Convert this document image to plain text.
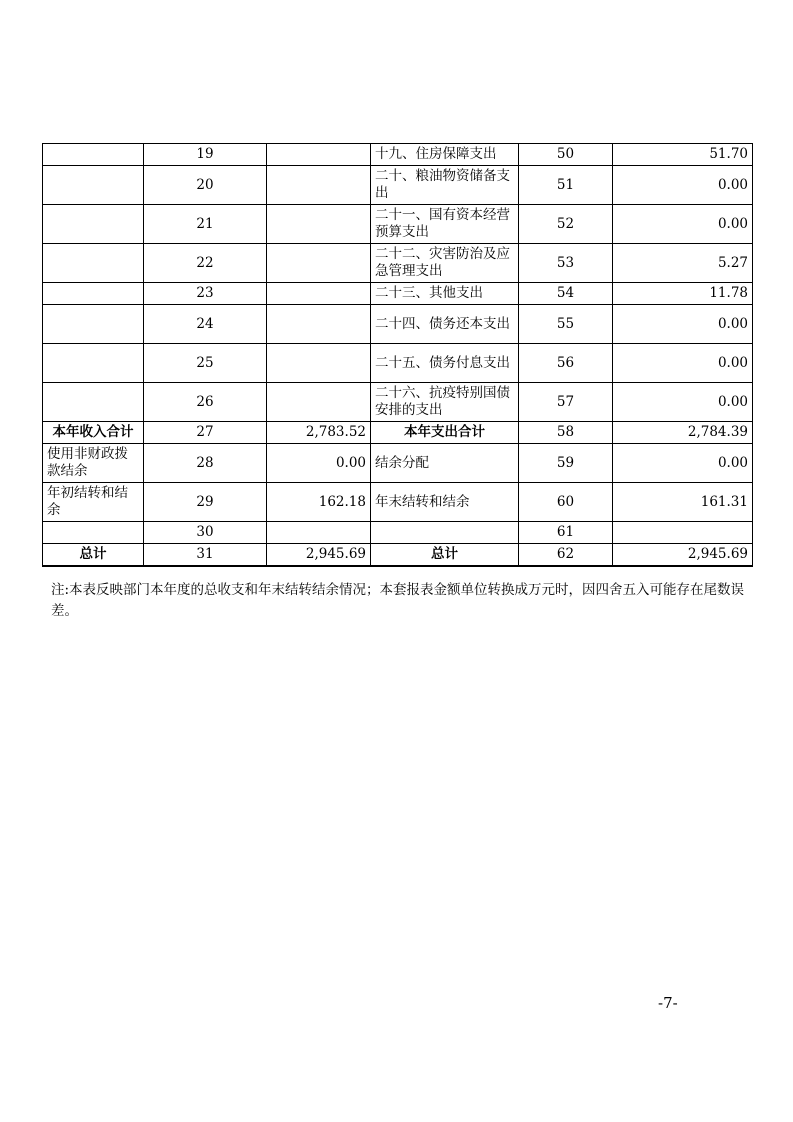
	19		十九、住房保障支出	50	51.70
	20		二十、粮油物资储备支出	51	0.00
	21		二十一、国有资本经营预算支出	52	0.00
	22		二十二、灾害防治及应急管理支出	53	5.27
	23		二十三、其他支出	54	11.78
	24		二十四、债务还本支出	55	0.00
	25		二十五、债务付息支出	56	0.00
	26		二十六、抗疫特别国债安排的支出	57	0.00
本年收入合计	27	2,783.52	本年支出合计	58	2,784.39
使用非财政拨款结余	28	0.00	结余分配	59	0.00
年初结转和结余	29	162.18	年末结转和结余	60	161.31
	30			61	
总计	31	2,945.69	总计	62	2,945.69
注:本表反映部门本年度的总收支和年末结转结余情况；本套报表金额单位转换成万元时，因四舍五入可能存在尾数误差。
-7-
